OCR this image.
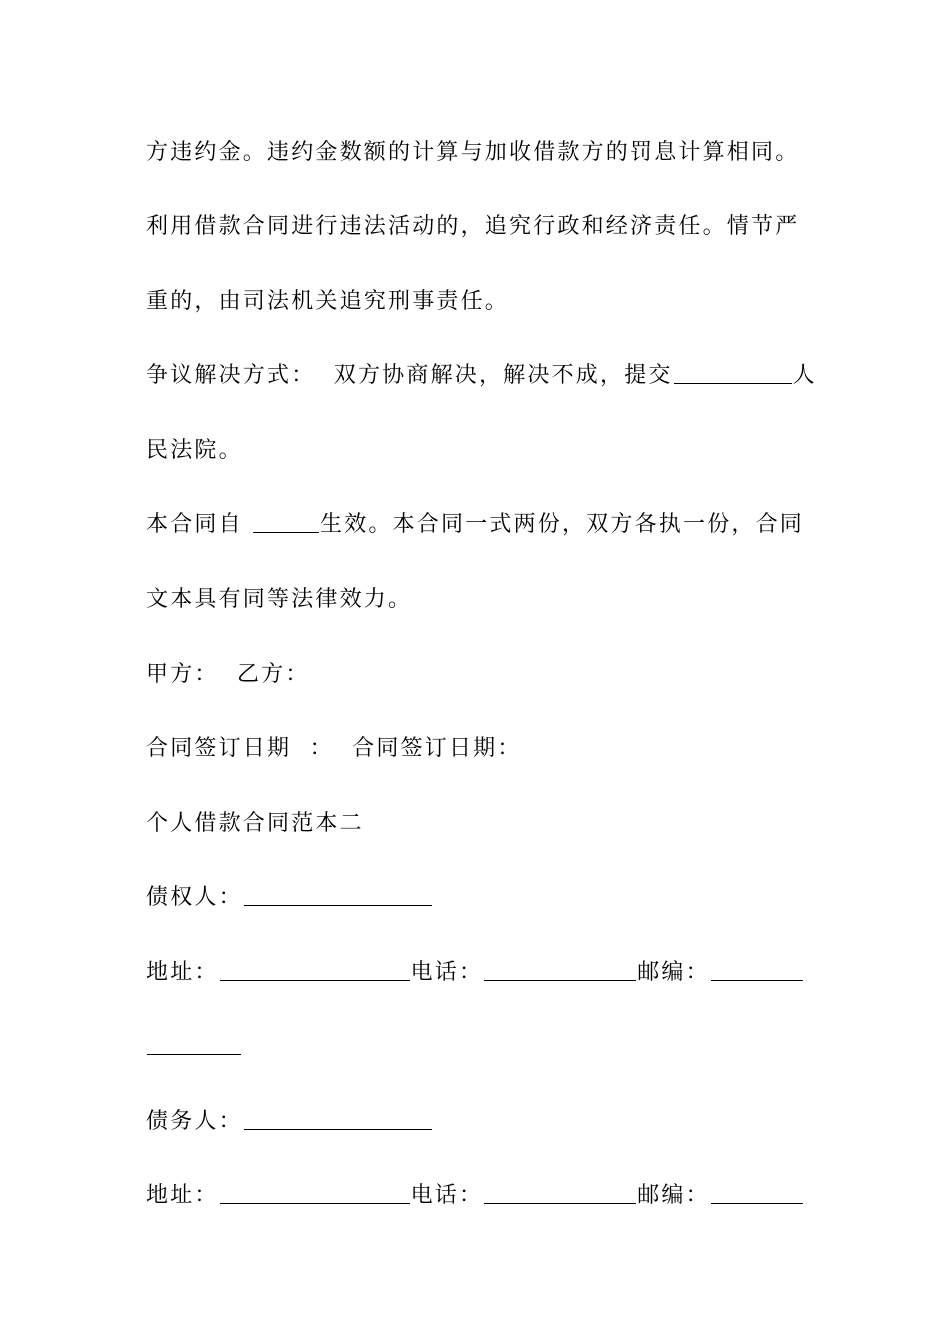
方违约金。违约金数额的计算与加收借款方的罚息计算相同。
利用借款合同进行违法活动的，追究行政和经济责任。情节严
重的，由司法机关追究刑事责任。
争议解决方式：  双方协商解决，解决不成，提交	人
民法院。
本合同自	生效。本合同一式两份，双方各执一份，合同
文本具有同等法律效力。
甲方：  乙方：
合同签订日期  ：  合同签订日期：
个人借款合同范本二
债权人：
地址：	电话：	邮编：
债务人：
地址：	电话：	邮编：
